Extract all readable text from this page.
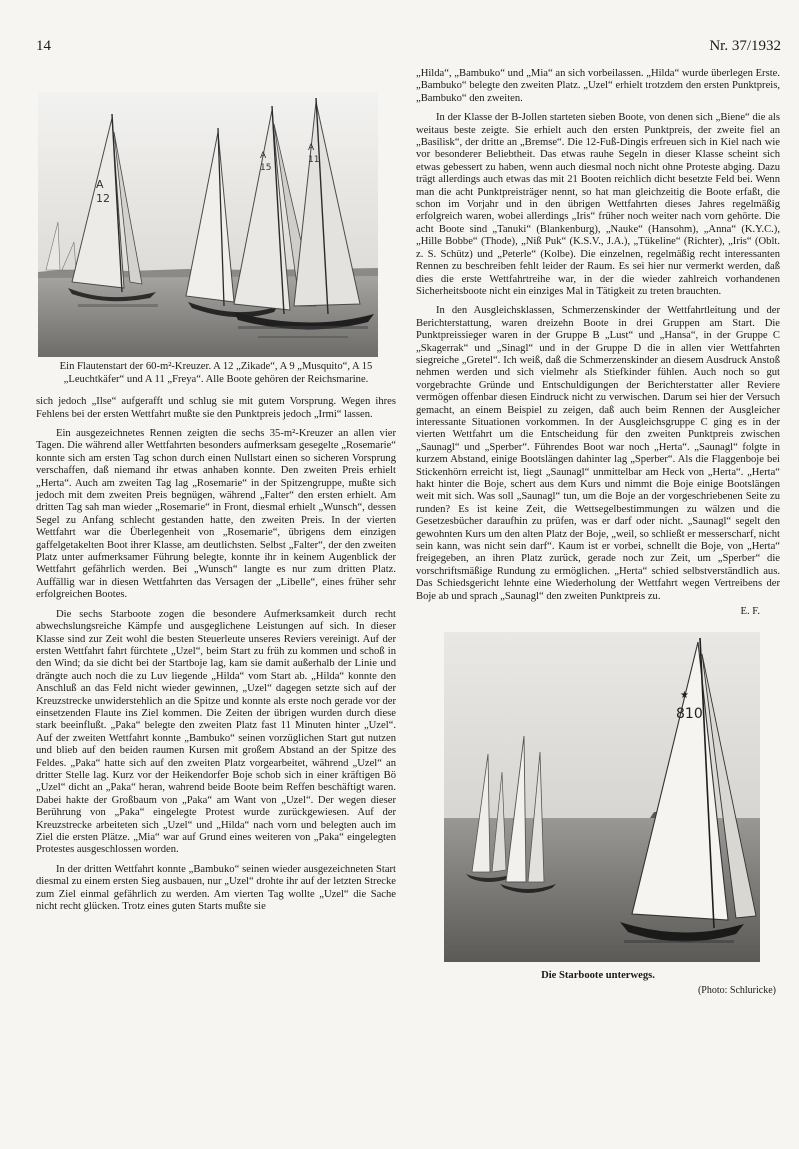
14	Nr. 37/1932
A
12
A
15
A
11
Ein Flautenstart der 60-m²-Kreuzer. A 12 „Zikade“, A 9 „Musquito“, A 15 „Leuchtkäfer“ und A 11 „Freya“. Alle Boote gehören der Reichsmarine.

sich jedoch „Ilse“ aufgerafft und schlug sie mit gutem Vorsprung. Wegen ihres Fehlens bei der ersten Wettfahrt mußte sie den Punktpreis jedoch „Irmi“ lassen.

Ein ausgezeichnetes Rennen zeigten die sechs 35-m²-Kreuzer an allen vier Tagen. Die während aller Wettfahrten besonders aufmerksam gesegelte „Rosemarie“ konnte sich am ersten Tag schon durch einen Nullstart einen so sicheren Vorsprung verschaffen, daß niemand ihr etwas anhaben konnte. Den zweiten Preis erhielt „Herta“. Auch am zweiten Tag lag „Rosemarie“ in der Spitzengruppe, mußte sich jedoch mit dem zweiten Preis begnügen, während „Falter“ den ersten erhielt. Am dritten Tag sah man wieder „Rosemarie“ in Front, diesmal erhielt „Wunsch“, dessen Segel zu Anfang schlecht gestanden hatte, den zweiten Preis. In der vierten Wettfahrt war die Überlegenheit von „Rosemarie“, übrigens dem einzigen gaffelgetakelten Boot ihrer Klasse, am deutlichsten. Selbst „Falter“, der den zweiten Platz unter aufmerksamer Führung belegte, konnte ihr in keinem Augenblick der Wettfahrt gefährlich werden. Bei „Wunsch“ langte es nur zum dritten Platz. Auffällig war in diesen Wettfahrten das Versagen der „Libelle“, eines früher sehr erfolgreichen Bootes.

Die sechs Starboote zogen die besondere Aufmerksamkeit durch recht abwechslungsreiche Kämpfe und ausgeglichene Leistungen auf sich. In dieser Klasse sind zur Zeit wohl die besten Steuerleute unseres Reviers vereinigt. Auf der ersten Wettfahrt fahrt fürchtete „Uzel“, beim Start zu früh zu kommen und schoß in den Wind; da sie dicht bei der Startboje lag, kam sie damit außerhalb der Linie und drängte auch noch die zu Luv liegende „Hilda“ vom Start ab. „Hilda“ konnte den Anschluß an das Feld nicht wieder gewinnen, „Uzel“ dagegen setzte sich auf der Kreuzstrecke unwiderstehlich an die Spitze und konnte als erste noch gerade vor der einsetzenden Flaute ins Ziel kommen. Die Zeiten der übrigen wurden durch diese stark beeinflußt. „Paka“ belegte den zweiten Platz fast 11 Minuten hinter „Uzel“. Auf der zweiten Wettfahrt konnte „Bambuko“ seinen vorzüglichen Start gut nutzen und blieb auf den beiden raumen Kursen mit großem Abstand an der Spitze des Feldes. „Paka“ hatte sich auf den zweiten Platz vorgearbeitet, während „Uzel“ an dritter Stelle lag. Kurz vor der Heikendorfer Boje schob sich in einer kräftigen Bö „Uzel“ dicht an „Paka“ heran, wahrend beide Boote beim Reffen beschäftigt waren. Dabei hakte der Großbaum von „Paka“ am Want von „Uzel“. Der wegen dieser Berührung von „Paka“ eingelegte Protest wurde zurückgewiesen. Auf der Kreuzstrecke arbeiteten sich „Uzel“ und „Hilda“ nach vorn und belegten auch im Ziel die ersten Plätze. „Mia“ war auf Grund eines weiteren von „Paka“ eingelegten Protestes ausgeschlossen worden.

In der dritten Wettfahrt konnte „Bambuko“ seinen wieder ausgezeichneten Start diesmal zu einem ersten Sieg ausbauen, nur „Uzel“ drohte ihr auf der letzten Strecke zum Ziel einmal gefährlich zu werden. Am vierten Tag wollte „Uzel“ die Sache nicht recht glücken. Trotz eines guten Starts mußte sie

„Hilda“, „Bambuko“ und „Mia“ an sich vorbeilassen. „Hilda“ wurde überlegen Erste. „Bambuko“ belegte den zweiten Platz. „Uzel“ erhielt trotzdem den ersten Punktpreis, „Bambuko“ den zweiten.

In der Klasse der B-Jollen starteten sieben Boote, von denen sich „Biene“ die als weitaus beste zeigte. Sie erhielt auch den ersten Punktpreis, der zweite fiel an „Basilisk“, der dritte an „Bremse“. Die 12-Fuß-Dingis erfreuen sich in Kiel nach wie vor besonderer Beliebtheit. Das etwas rauhe Segeln in dieser Klasse scheint sich etwas gebessert zu haben, wenn auch diesmal noch nicht ohne Proteste abging. Dazu trägt allerdings auch etwas das mit 21 Booten reichlich dicht besetzte Feld bei. Wenn man die acht Punktpreisträger nennt, so hat man gleichzeitig die Boote erfaßt, die schon im Vorjahr und in den übrigen Wettfahrten dieses Jahres regelmäßig erfolgreich waren, wobei allerdings „Iris“ früher noch weiter nach vorn gehörte. Die acht Boote sind „Tanuki“ (Blankenburg), „Nauke“ (Hansohm), „Anna“ (K.Y.C.), „Hille Bobbe“ (Thode), „Niß Puk“ (K.S.V., J.A.), „Tükeline“ (Richter), „Iris“ (Oblt. z. S. Schütz) und „Peterle“ (Kolbe). Die einzelnen, regelmäßig recht interessanten Rennen zu beschreiben fehlt leider der Raum. Es sei hier nur vermerkt werden, daß dies die erste Wettfahrtreihe war, in der die wieder zahlreich vorhandenen Sicherheitsboote nicht ein einziges Mal in Tätigkeit zu treten brauchten.

In den Ausgleichsklassen, Schmerzenskinder der Wettfahrtleitung und der Berichterstattung, waren dreizehn Boote in drei Gruppen am Start. Die Punktpreissieger waren in der Gruppe B „Lust“ und „Hansa“, in der Gruppe C „Skagerrak“ und „Sinagl“ und in der Gruppe D die in allen vier Wettfahrten siegreiche „Gretel“. Ich weiß, daß die Schmerzenskinder an diesem Ausdruck Anstoß nehmen werden und sich vielmehr als Stiefkinder fühlen. Auch noch so gut vorgebrachte Gründe und Entschuldigungen der Berichterstatter aller Reviere vermögen offenbar diesen Eindruck nicht zu verwischen. Darum sei hier der Versuch gemacht, an einem Beispiel zu zeigen, daß auch beim Rennen der Ausgleicher interessante Situationen vorkommen. In der Ausgleichsgruppe C ging es in der vierten Wettfahrt um die Entscheidung für den zweiten Punktpreis zwischen „Saunagl“ und „Sperber“. Führendes Boot war noch „Herta“. „Saunagl“ folgte in kurzem Abstand, einige Bootslängen dahinter lag „Sperber“. Als die Flaggenboje bei Stickenhörn erreicht ist, liegt „Saunagl“ unmittelbar am Heck von „Herta“. „Herta“ hakt hinter die Boje, schert aus dem Kurs und nimmt die Boje einige Bootslängen weit mit sich. Was soll „Saunagl“ tun, um die Boje an der vorgeschriebenen Seite zu runden? Es ist keine Zeit, die Wettsegelbestimmungen zu wälzen und die Gesetzesbücher daraufhin zu prüfen, was er darf oder nicht. „Saunagl“ segelt den gewohnten Kurs um den alten Platz der Boje, „weil, so schließt er messerscharf, nicht sein kann, was nicht sein darf“. Kaum ist er vorbei, schnellt die Boje, von „Herta“ freigegeben, an ihren Platz zurück, gerade noch zur Zeit, um „Sperber“ die vorschriftsmäßige Rundung zu ermöglichen. „Herta“ schied selbstverständlich aus. Das Schiedsgericht lehnte eine Wiederholung der Wettfahrt wegen Vertreibens der Boje ab und sprach „Saunagl“ den zweiten Punktpreis zu.

E. F.
★
810
Die Starboote unterwegs.
(Photo: Schluricke)
